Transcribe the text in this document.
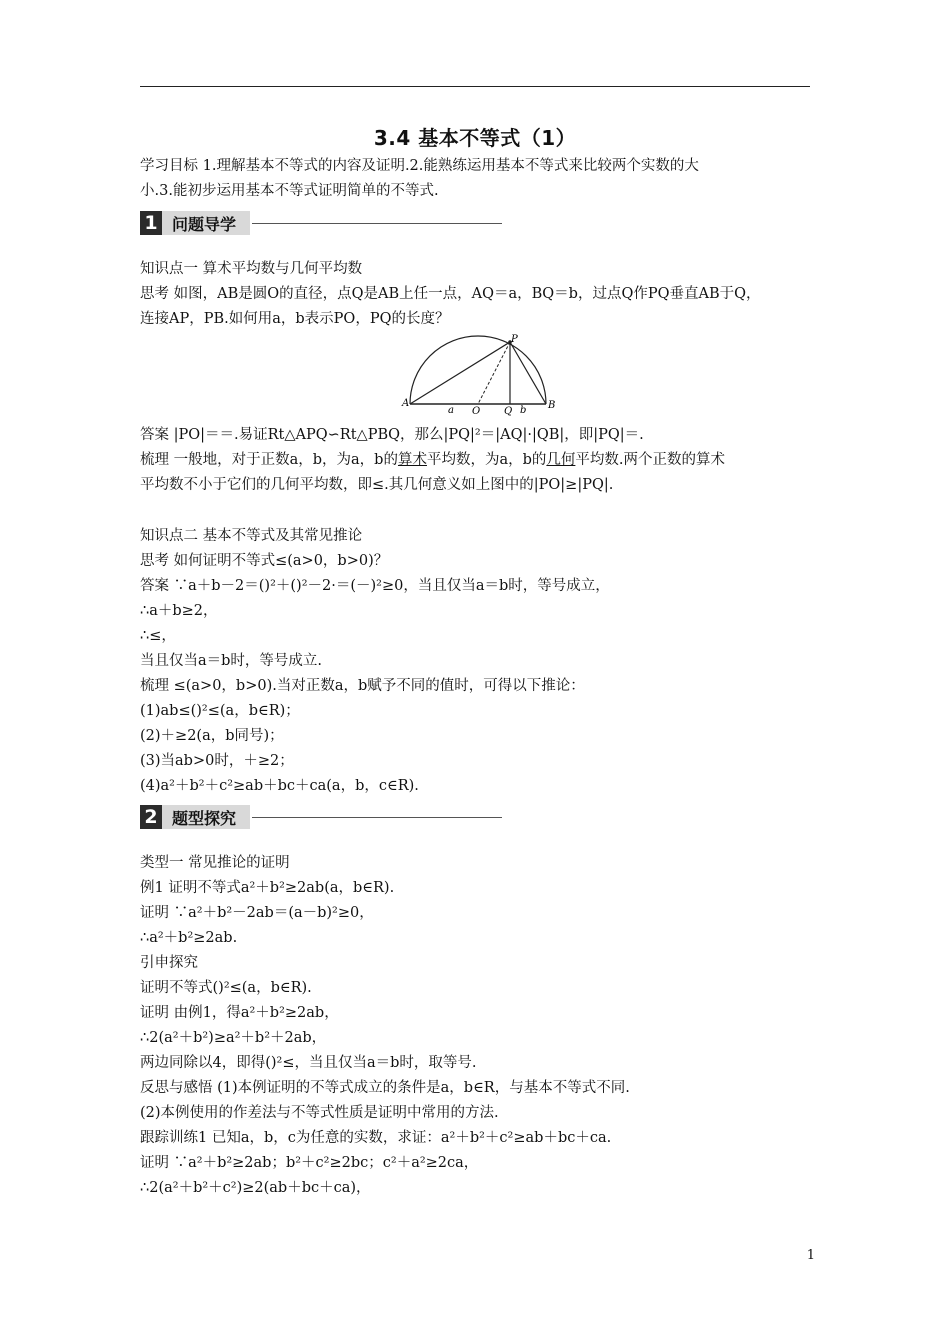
3.4 基本不等式（1）
学习目标 1.理解基本不等式的内容及证明.2.能熟练运用基本不等式来比较两个实数的大
小.3.能初步运用基本不等式证明简单的不等式.
1 问题导学
知识点一 算术平均数与几何平均数
思考 如图，AB是圆O的直径，点Q是AB上任一点，AQ＝a，BQ＝b，过点Q作PQ垂直AB于Q，
连接AP，PB.如何用a，b表示PO，PQ的长度？
P
A	B
O Q
a	b
答案 |PO|＝＝.易证Rt△APQ∽Rt△PBQ，那么|PQ|²＝|AQ|·|QB|，即|PQ|＝.
梳理 一般地，对于正数a，b，为a，b的算术平均数，为a，b的几何平均数.两个正数的算术
平均数不小于它们的几何平均数，即≤.其几何意义如上图中的|PO|≥|PQ|.
知识点二 基本不等式及其常见推论
思考 如何证明不等式≤(a>0，b>0)？
答案 ∵a＋b－2＝()²＋()²－2·＝(－)²≥0，当且仅当a＝b时，等号成立，
∴a＋b≥2，
∴≤，
当且仅当a＝b时，等号成立.
梳理 ≤(a>0，b>0).当对正数a，b赋予不同的值时，可得以下推论：
(1)ab≤()²≤(a，b∈R)；
(2)＋≥2(a，b同号)；
(3)当ab>0时，＋≥2；
(4)a²＋b²＋c²≥ab＋bc＋ca(a，b，c∈R).
2 题型探究
类型一 常见推论的证明
例1 证明不等式a²＋b²≥2ab(a，b∈R).
证明 ∵a²＋b²－2ab＝(a－b)²≥0，
∴a²＋b²≥2ab.
引申探究
证明不等式()²≤(a，b∈R).
证明 由例1，得a²＋b²≥2ab，
∴2(a²＋b²)≥a²＋b²＋2ab，
两边同除以4，即得()²≤，当且仅当a＝b时，取等号.
反思与感悟 (1)本例证明的不等式成立的条件是a，b∈R，与基本不等式不同.
(2)本例使用的作差法与不等式性质是证明中常用的方法.
跟踪训练1 已知a，b，c为任意的实数，求证：a²＋b²＋c²≥ab＋bc＋ca.
证明 ∵a²＋b²≥2ab；b²＋c²≥2bc；c²＋a²≥2ca，
∴2(a²＋b²＋c²)≥2(ab＋bc＋ca)，
1
